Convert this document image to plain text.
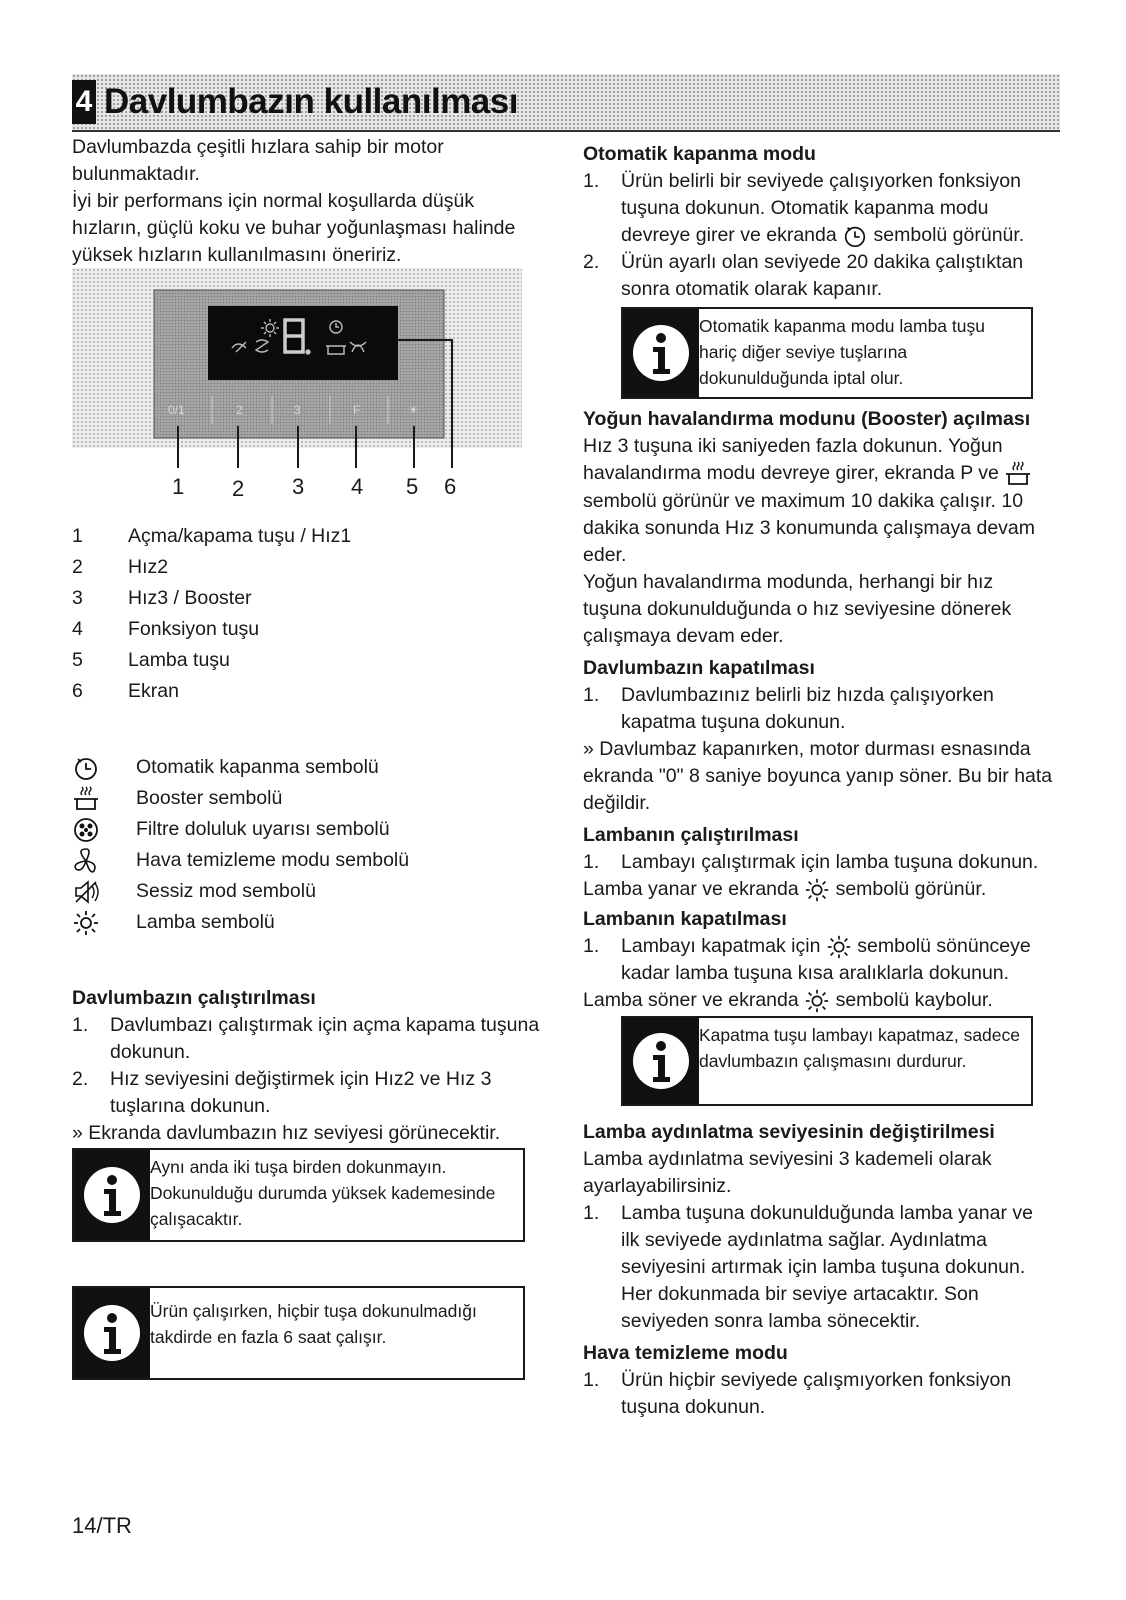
4 Davlumbazın kullanılması

Davlumbazda çeşitli hızlara sahip bir motor bulunmaktadır.

İyi bir performans için normal koşullarda düşük hızların, güçlü koku ve buhar yoğunlaşması halinde yüksek hızların kullanılmasını öneririz.

0/1	2	3	F	☀
1 2 3 4 5 6
1	Açma/kapama tuşu / Hız1
2	Hız2
3	Hız3 / Booster
4	Fonksiyon tuşu
5	Lamba tuşu
6	Ekran
Otomatik kapanma sembolü
Booster sembolü
Filtre doluluk uyarısı sembolü
Hava temizleme modu sembolü
Sessiz mod sembolü
Lamba sembolü
Davlumbazın çalıştırılması
1.	Davlumbazı çalıştırmak için açma kapama tuşuna dokunun.
2.	Hız seviyesini değiştirmek için Hız2 ve Hız 3 tuşlarına dokunun.

» Ekranda davlumbazın hız seviyesi görünecektir.

Aynı anda iki tuşa birden dokunmayın. Dokunulduğu durumda yüksek kademesinde çalışacaktır.
Ürün çalışırken, hiçbir tuşa dokunulmadığı takdirde en fazla 6 saat çalışır.
Otomatik kapanma modu
1.	Ürün belirli bir seviyede çalışıyorken fonksiyon tuşuna dokunun. Otomatik kapanma modu devreye girer ve ekranda sembolü görünür.
2.	Ürün ayarlı olan seviyede 20 dakika çalıştıktan sonra otomatik olarak kapanır.
Otomatik kapanma modu lamba tuşu hariç diğer seviye tuşlarına dokunulduğunda iptal olur.
Yoğun havalandırma modunu (Booster) açılması

Hız 3 tuşuna iki saniyeden fazla dokunun. Yoğun havalandırma modu devreye girer, ekranda P ve  sembolü görünür ve maximum 10 dakika çalışır. 10 dakika sonunda Hız 3 konumunda çalışmaya devam eder.

Yoğun havalandırma modunda, herhangi bir hız tuşuna dokunulduğunda o hız seviyesine dönerek çalışmaya devam eder.

Davlumbazın kapatılması
1.	Davlumbazınız belirli biz hızda çalışıyorken kapatma tuşuna dokunun.

» Davlumbaz kapanırken, motor durması esnasında ekranda "0" 8 saniye boyunca yanıp söner. Bu bir hata değildir.

Lambanın çalıştırılması
1.	Lambayı çalıştırmak için lamba tuşuna dokunun.

Lamba yanar ve ekranda sembolü görünür.

Lambanın kapatılması
1.	Lambayı kapatmak için sembolü sönünceye kadar lamba tuşuna kısa aralıklarla dokunun.

Lamba söner ve ekranda sembolü kaybolur.

Kapatma tuşu lambayı kapatmaz, sadece davlumbazın çalışmasını durdurur.
Lamba aydınlatma seviyesinin değiştirilmesi

Lamba aydınlatma seviyesini 3 kademeli olarak ayarlayabilirsiniz.

1.	Lamba tuşuna dokunulduğunda lamba yanar ve ilk seviyede aydınlatma sağlar. Aydınlatma seviyesini artırmak için lamba tuşuna dokunun. Her dokunmada bir seviye artacaktır. Son seviyeden sonra lamba sönecektir.
Hava temizleme modu
1.	Ürün hiçbir seviyede çalışmıyorken fonksiyon tuşuna dokunun.
14/TR
